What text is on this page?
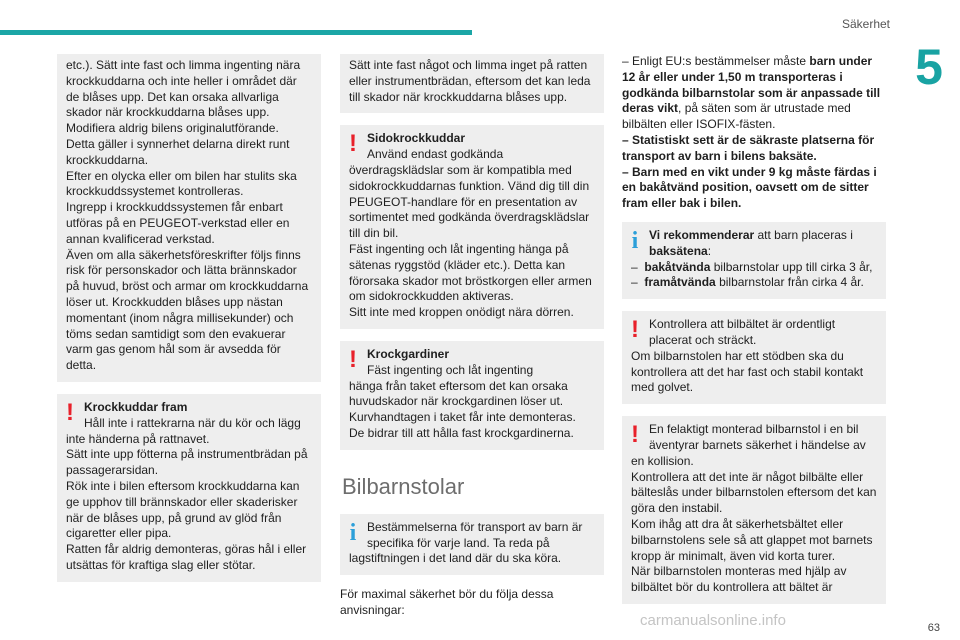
Säkerhet
5

etc.). Sätt inte fast och limma ingenting nära krockkuddarna och inte heller i området där de blåses upp. Det kan orsaka allvarliga skador när krockkuddarna blåses upp.

Modifiera aldrig bilens originalutförande.

Detta gäller i synnerhet delarna direkt runt krockkuddarna.

Efter en olycka eller om bilen har stulits ska krockkuddssystemet kontrolleras.

Ingrepp i krockkuddssystemen får enbart utföras på en PEUGEOT-verkstad eller en annan kvalificerad verkstad.

Även om alla säkerhetsföreskrifter följs finns risk för personskador och lätta brännskador på huvud, bröst och armar om krockkuddarna löser ut. Krockkudden blåses upp nästan momentant (inom några millisekunder) och töms sedan samtidigt som den evakuerar varm gas genom hål som är avsedda för detta.

! Krockkuddar fram

Håll inte i rattekrarna när du kör och lägg

inte händerna på rattnavet.

Sätt inte upp fötterna på instrumentbrädan på passagerarsidan.

Rök inte i bilen eftersom krockkuddarna kan ge upphov till brännskador eller skaderisker när de blåses upp, på grund av glöd från cigaretter eller pipa.

Ratten får aldrig demonteras, göras hål i eller utsättas för kraftiga slag eller stötar.

Sätt inte fast något och limma inget på ratten eller instrumentbrädan, eftersom det kan leda till skador när krockkuddarna blåses upp.

! Sidokrockkuddar

Använd endast godkända

överdragsklädslar som är kompatibla med sidokrockkuddarnas funktion. Vänd dig till din PEUGEOT-handlare för en presentation av sortimentet med godkända överdragsklädslar till din bil.

Fäst ingenting och låt ingenting hänga på sätenas ryggstöd (kläder etc.). Detta kan förorsaka skador mot bröstkorgen eller armen om sidokrockkudden aktiveras.

Sitt inte med kroppen onödigt nära dörren.

! Krockgardiner

Fäst ingenting och låt ingenting

hänga från taket eftersom det kan orsaka huvudskador när krockgardinen löser ut.

Kurvhandtagen i taket får inte demonteras.

De bidrar till att hålla fast krockgardinerna.

Bilbarnstolar
i Bestämmelserna för transport av barn är specifika för varje land. Ta reda på

lagstiftningen i det land där du ska köra.

För maximal säkerhet bör du följa dessa anvisningar:

– Enligt EU:s bestämmelser måste barn under 12 år eller under 1,50 m transporteras i godkända bilbarnstolar som är anpassade till deras vikt, på säten som är utrustade med bilbälten eller ISOFIX-fästen.

– Statistiskt sett är de säkraste platserna för transport av barn i bilens baksäte.

– Barn med en vikt under 9 kg måste färdas i en bakåtvänd position, oavsett om de sitter fram eller bak i bilen.

i Vi rekommenderar att barn placeras i

baksätena:

– bakåtvända bilbarnstolar upp till cirka 3 år,

– framåtvända bilbarnstolar från cirka 4 år.

! Kontrollera att bilbältet är ordentligt placerat och sträckt.

Om bilbarnstolen har ett stödben ska du kontrollera att det har fast och stabil kontakt med golvet.

! En felaktigt monterad bilbarnstol i en bil äventyrar barnets säkerhet i händelse av

en kollision.

Kontrollera att det inte är något bilbälte eller bälteslås under bilbarnstolen eftersom det kan göra den instabil.

Kom ihåg att dra åt säkerhetsbältet eller bilbarnstolens sele så att glappet mot barnets kropp är minimalt, även vid korta turer.

När bilbarnstolen monteras med hjälp av bilbältet bör du kontrollera att bältet är

carmanualsonline.info	63
